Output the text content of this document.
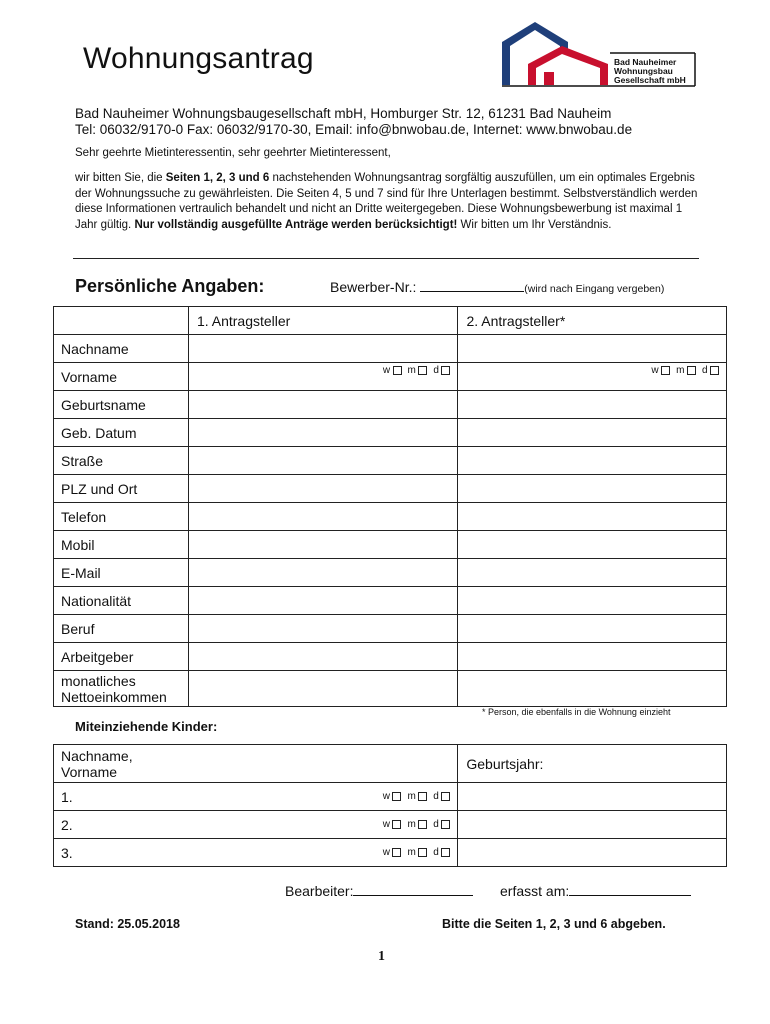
Wohnungsantrag	Bad Nauheimer
Wohnungsbau
Gesellschaft mbH
Bad Nauheimer Wohnungsbaugesellschaft mbH, Homburger Str. 12, 61231 Bad Nauheim
Tel: 06032/9170-0 Fax: 06032/9170-30, Email: info@bnwobau.de, Internet: www.bnwobau.de
Sehr geehrte Mietinteressentin, sehr geehrter Mietinteressent,
wir bitten Sie, die Seiten 1, 2, 3 und 6 nachstehenden Wohnungsantrag sorgfältig auszufüllen, um ein optimales Ergebnis der Wohnungssuche zu gewährleisten. Die Seiten 4, 5 und 7 sind für Ihre Unterlagen bestimmt. Selbstverständlich werden diese Informationen vertraulich behandelt und nicht an Dritte weitergegeben. Diese Wohnungsbewerbung ist maximal 1 Jahr gültig. Nur vollständig ausgefüllte Anträge werden berücksichtigt! Wir bitten um Ihr Verständnis.
Persönliche Angaben:	Bewerber-Nr.:	(wird nach Eingang vergeben)
	1. Antragsteller	2. Antragsteller*
Nachname		
Vorname	w m d	w m d

Geburtsname		
Geb. Datum		
Straße		
PLZ und Ort		
Telefon		
Mobil		
E-Mail		
Nationalität		
Beruf		
Arbeitgeber		

monatliches
Nettoeinkommen		

* Person, die ebenfalls in die Wohnung einzieht
Miteinziehende Kinder:
Nachname,
Vorname	Geburtsjahr:
1. w m d	

2. w m d	

3. w m d	

Bearbeiter:	erfasst am:
Stand: 25.05.2018	Bitte die Seiten 1, 2, 3 und 6 abgeben.
1
